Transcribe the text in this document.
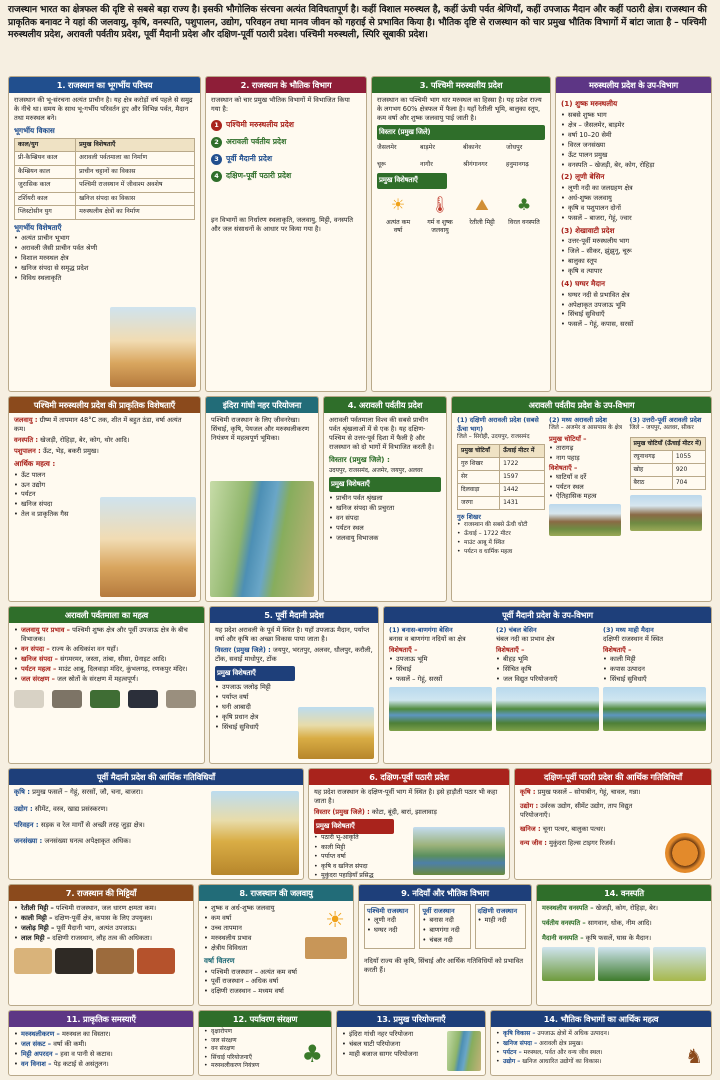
राजस्थान भारत का क्षेत्रफल की दृष्टि से सबसे बड़ा राज्य है। इसकी भौगोलिक संरचना अत्यंत विविधतापूर्ण है। कहीं विशाल मरुस्थल है, कहीं ऊंची पर्वत श्रेणियाँ, कहीं उपजाऊ मैदान और कहीं पठारी क्षेत्र। राजस्थान की प्राकृतिक बनावट ने यहां की जलवायु, कृषि, वनस्पति, पशुपालन, उद्योग, परिवहन तथा मानव जीवन को गहराई से प्रभावित किया है। भौतिक दृष्टि से राजस्थान को चार प्रमुख भौतिक विभागों में बांटा जाता है – पश्चिमी मरुस्थलीय प्रदेश, अरावली पर्वतीय प्रदेश, पूर्वी मैदानी प्रदेश और दक्षिण-पूर्वी पठारी प्रदेश। पश्चिमी मरुस्थली, स्पिरि सूबाकी प्रदेश।
1. राजस्थान का भूगर्भीय परिचय

राजस्थान की भू-संरचना अत्यंत प्राचीन है। यह क्षेत्र करोड़ों वर्ष पहले से समुद्र के नीचे था। समय के साथ भू-गर्भीय परिवर्तन हुए और विभिन्न पर्वत, मैदान तथा मरुस्थल बने।

भूगर्भीय विकास
काल/युग	प्रमुख विशेषताएँ
प्री-कैम्ब्रियन काल	अरावली पर्वतमाला का निर्माण
कैम्ब्रियन काल	प्राचीन चट्टानों का विकास
जुरासिक काल	पश्चिमी राजस्थान में जीवाश्म अवशेष
टर्शियरी काल	खनिज संपदा का विकास
प्लिस्टोसीन युग	मरुस्थलीय क्षेत्रों का निर्माण
भूगर्भीय विशेषताएँ
• अत्यंत प्राचीन भूभाग
• अरावली जैसी प्राचीन पर्वत श्रेणी
• विशाल मरुस्थल क्षेत्र
• खनिज संपदा से समृद्ध प्रदेश
• विविध स्थलाकृति
2. राजस्थान के भौतिक विभाग

राजस्थान को चार प्रमुख भौतिक विभागों में विभाजित किया गया है:

1 पश्चिमी मरुस्थलीय प्रदेश
2 अरावली पर्वतीय प्रदेश
3 पूर्वी मैदानी प्रदेश
4 दक्षिण-पूर्वी पठारी प्रदेश

इन विभागों का निर्धारण स्थलाकृति, जलवायु, मिट्टी, वनस्पति और जल संसाधनों के आधार पर किया गया है।

3. पश्चिमी मरुस्थलीय प्रदेश

राजस्थान का पश्चिमी भाग थार मरुस्थल का हिस्सा है। यह प्रदेश राज्य के लगभग 60% क्षेत्रफल में फैला है। यहाँ रेतीली भूमि, बालुका स्तूप, कम वर्षा और शुष्क जलवायु पाई जाती है।

विस्तार (प्रमुख जिले)
जैसलमेर
चूरू
बाड़मेर
नागौर
बीकानेर
श्रीगंगानगर
जोधपुर
हनुमानगढ़
प्रमुख विशेषताएँ
☀	🌡	⛰	♣
अत्यंत कम वर्षा
गर्म व शुष्क जलवायु
रेतीली मिट्टी	विरल वनस्पति
मरुस्थलीय प्रदेश के उप-विभाग
(1) शुष्क मरुस्थलीय
• सबसे शुष्क भाग
• क्षेत्र – जैसलमेर, बाड़मेर
• वर्षा 10–20 सेमी
• विरल जनसंख्या
• ऊँट पालन प्रमुख
• वनस्पति – खेजड़ी, बेर, कोग, रोहिड़ा
(2) लूणी बेसिन
• लूणी नदी का जलग्रहण क्षेत्र
• अर्ध-शुष्क जलवायु
• कृषि व पशुपालन दोनों
• फसलें – बाजरा, गेहूं, ज्वार
(3) शेखावाटी प्रदेश
• उत्तर-पूर्वी मरुस्थलीय भाग
• जिले – सीकर, झुंझुनू, चूरू
• बालुका स्तूप
• कृषि व त्यापार
(4) घग्घर मैदान
• घग्घर नदी से प्रभावित क्षेत्र
• अपेक्षाकृत उपजाऊ भूमि
• सिंचाई सुविधाएँ
• फसलें – गेहूं, कपास, सरसों
पश्चिमी मरुस्थलीय प्रदेश की प्राकृतिक विशेषताएँ

जलवायु : ग्रीष्म में तापमान 48°C तक, शीत में बहुत ठंडा, वर्षा अत्यंत कम।

वनस्पति : खेजड़ी, रोहिड़ा, बेर, कोग, थोर आदि।

पशुपालन : ऊँट, भेड़, बकरी प्रमुख।

आर्थिक महत्व :
• ऊँट पालन
• ऊन उद्योग
• पर्यटन
• खनिज संपदा
• तेल व प्राकृतिक गैस
इंदिरा गांधी नहर परियोजना

पश्चिमी राजस्थान के लिए जीवनरेखा। सिंचाई, कृषि, पेयजल और मरुस्थलीकरण नियंत्रण में महत्वपूर्ण भूमिका।

4. अरावली पर्वतीय प्रदेश

अरावली पर्वतमाला विश्व की सबसे प्राचीन पर्वत श्रृंखलाओं में से एक है। यह दक्षिण-पश्चिम से उत्तर-पूर्व दिशा में फैली है और राजस्थान को दो भागों में विभाजित करती है।

विस्तार (प्रमुख जिले) :

उदयपुर, राजसमंद, अजमेर, जयपुर, अलवर

प्रमुख विशेषताएँ
• प्राचीन पर्वत श्रृंखला
• खनिज संपदा की प्रचुरता
• वन संपदा
• पर्यटन स्थल
• जलवायु विभाजक
अरावली पर्वतीय प्रदेश के उप-विभाग
(1) दक्षिणी अरावली प्रदेश (सबसे ऊँचा भाग)

जिले – सिरोही, उदयपुर, राजसमंद

प्रमुख चोटियाँ	ऊँचाई मीटर में
गुरु शिखर	1722
सेर	1597
दिलवाड़ा	1442
जरगा	1431
गुरु शिखर
• राजस्थान की सबसे ऊँची चोटी
• ऊँचाई – 1722 मीटर
• माउंट आबू में स्थित
• पर्यटन व धार्मिक महत्व
(2) मध्य अरावली प्रदेश

जिले – अजमेर व आसपास के क्षेत्र

प्रमुख चोटियाँ –
• तारागढ़
• नाग पहाड़
विशेषताएँ –
• घाटियाँ व दर्रे
• पर्यटन स्थल
• ऐतिहासिक महत्व
(3) उत्तरी-पूर्वी अरावली प्रदेश

जिले – जयपुर, अलवर, सीकर

प्रमुख चोटियाँ (ऊँचाई मीटर में)	
रघुनाथगढ़	1055
खोह	920
बैराठ	704
अरावली पर्वतमाला का महत्व
• जलवायु पर प्रभाव – पश्चिमी शुष्क क्षेत्र और पूर्वी उपजाऊ क्षेत्र के बीच विभाजक।
• वन संपदा – राज्य के अधिकांश वन यहाँ।
• खनिज संपदा – संगमरमर, जस्ता, तांबा, सीसा, ग्रेनाइट आदि।
• पर्यटन महत्व – माउंट आबू, दिलवाड़ा मंदिर, कुंभलगढ़, रणकपुर मंदिर।
• जल संरक्षण – जल स्रोतों के संरक्षण में महत्वपूर्ण।
5. पूर्वी मैदानी प्रदेश

यह प्रदेश अरावली के पूर्व में स्थित है। यहाँ उपजाऊ मैदान, पर्याप्त वर्षा और कृषि का अच्छा विकास पाया जाता है।

विस्तार (प्रमुख जिले) : जयपुर, भरतपुर, अलवर, धौलपुर, करौली, टोंक, सवाई माधोपुर, टोंक

प्रमुख विशेषताएँ
• उपजाऊ जलोढ़ मिट्टी
• पर्याप्त वर्षा
• घनी आबादी
• कृषि प्रधान क्षेत्र
• सिंचाई सुविधाएँ
पूर्वी मैदानी प्रदेश के उप-विभाग
(1) बनास-बाणगंगा बेसिन

बनास व बाणगंगा नदियों का क्षेत्र

विशेषताएँ –
• उपजाऊ भूमि
• सिंचाई
• फसलें – गेहूं, सरसों
(2) चंबल बेसिन

चंबल नदी का प्रभाव क्षेत्र

विशेषताएँ –
• बीहड़ भूमि
• सिंचित कृषि
• जल विद्युत परियोजनाएँ
(3) मध्य माही मैदान

दक्षिणी राजस्थान में स्थित

विशेषताएँ –
• काली मिट्टी
• कपास उत्पादन
• सिंचाई सुविधाएँ
पूर्वी मैदानी प्रदेश की आर्थिक गतिविधियाँ

कृषि : प्रमुख फसलें – गेहूं, सरसों, जौ, चना, बाजरा।

उद्योग : सीमेंट, वस्त्र, खाद्य प्रसंस्करण।

परिवहन : सड़क व रेल मार्गों से अच्छी तरह जुड़ा क्षेत्र।

जनसंख्या : जनसंख्या घनत्व अपेक्षाकृत अधिक।

6. दक्षिण-पूर्वी पठारी प्रदेश

यह प्रदेश राजस्थान के दक्षिण-पूर्वी भाग में स्थित है। इसे हाड़ौती पठार भी कहा जाता है।

विस्तार (प्रमुख जिले) : कोटा, बूंदी, बारां, झालावाड़

प्रमुख विशेषताएँ
• पठारी भू-आकृति
• काली मिट्टी
• पर्याप्त वर्षा
• कृषि व खनिज संपदा
• मुकुंदरा पहाड़ियाँ प्रसिद्ध
दक्षिण-पूर्वी पठारी प्रदेश की आर्थिक गतिविधियाँ

कृषि : प्रमुख फसलें – सोयाबीन, गेहूं, चावल, गन्ना।

उद्योग : उर्वरक उद्योग, सीमेंट उद्योग, ताप विद्युत परियोजनाएँ।

खनिज : चूना पत्थर, बालुका पत्थर।

वन्य जीव : मुकुंदरा हिल्स टाइगर रिजर्व।

7. राजस्थान की मिट्टियाँ
• रेतीली मिट्टी – पश्चिमी राजस्थान, जल धारण क्षमता कम।
• काली मिट्टी – दक्षिण-पूर्वी क्षेत्र, कपास के लिए उपयुक्त।
• जलोढ़ मिट्टी – पूर्वी मैदानी भाग, अत्यंत उपजाऊ।
• लाल मिट्टी – दक्षिणी राजस्थान, लौह तत्व की अधिकता।
8. राजस्थान की जलवायु
• शुष्क व अर्ध-शुष्क जलवायु
• कम वर्षा
• उच्च तापमान
• मरुस्थलीय प्रभाव
• क्षेत्रीय विविधता
वर्षा वितरण
• पश्चिमी राजस्थान – अत्यंत कम वर्षा
• पूर्वी राजस्थान – अधिक वर्षा
• दक्षिणी राजस्थान – मध्यम वर्षा
☀
9. नदियाँ और भौतिक विभाग
पश्चिमी राजस्थान
• लूणी नदी
• घग्घर नदी
पूर्वी राजस्थान
• बनास नदी
• बाणगंगा नदी
• चंबल नदी
दक्षिणी राजस्थान
• माही नदी

नदियाँ राज्य की कृषि, सिंचाई और आर्थिक गतिविधियों को प्रभावित करती हैं।

14. वनस्पति

मरुस्थलीय वनस्पति – खेजड़ी, कोग, रोहिड़ा, बेर।

पर्वतीय वनस्पति – सागवान, धोक, नीम आदि।

मैदानी वनस्पति – कृषि फसलें, घास के मैदान।

11. प्राकृतिक समस्याएँ
• मरुस्थलीकरण – मरुस्थल का विस्तार।
• जल संकट – वर्षा की कमी।
• मिट्टी अपरदन – हवा व पानी से कटाव।
• वन विनाश – पेड़ कटाई से असंतुलन।
12. पर्यावरण संरक्षण
• वृक्षारोपण
• जल संरक्षण
• वन संरक्षण
• सिंचाई परियोजनाएँ
• मरुस्थलीकरण नियंत्रण	♣
13. प्रमुख परियोजनाएँ
• इंदिरा गांधी नहर परियोजना
• चंबल घाटी परियोजना
• माही बजाज सागर परियोजना
14. भौतिक विभागों का आर्थिक महत्व
• कृषि विकास – उपजाऊ क्षेत्रों में अधिक उत्पादन।
• खनिज संपदा – अरावली क्षेत्र प्रमुख।
• पर्यटन – मरुस्थल, पर्वत और वन्य जीव स्थल।
• उद्योग – खनिज आधारित उद्योगों का विकास।	♞
